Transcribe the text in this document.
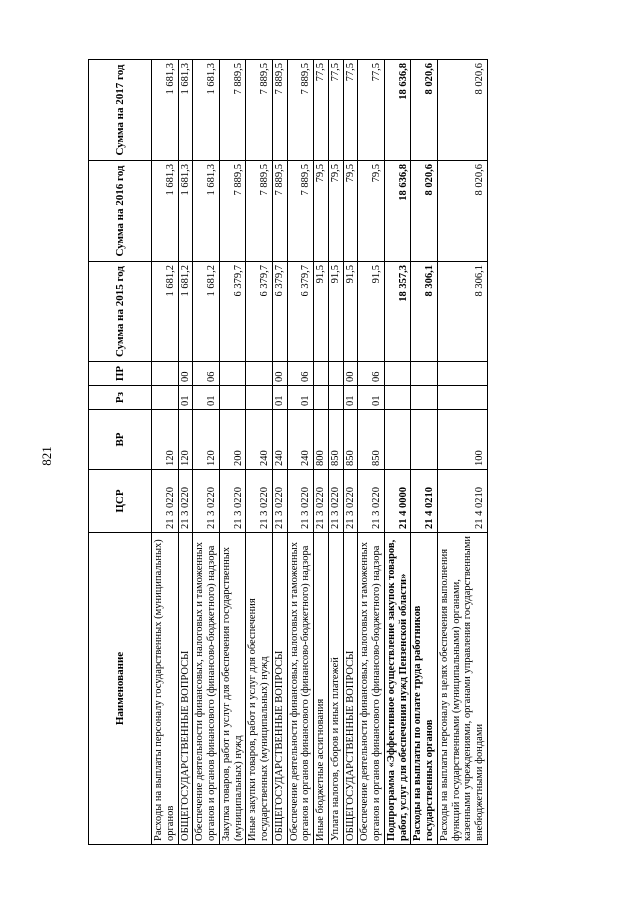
821
Наименование	ЦСР	ВР	Рз	ПР	Сумма на 2015 год	Сумма на 2016 год	Сумма на 2017 год
Расходы на выплаты персоналу государственных (муниципальных) органов	21 3 0220	120			1 681,2	1 681,3	1 681,3
ОБЩЕГОСУДАРСТВЕННЫЕ ВОПРОСЫ	21 3 0220	120	01	00	1 681,2	1 681,3	1 681,3
Обеспечение деятельности финансовых, налоговых и таможенных органов и органов финансового (финансово-бюджетного) надзора	21 3 0220	120	01	06	1 681,2	1 681,3	1 681,3
Закупка товаров, работ и услуг для обеспечения государственных (муниципальных) нужд	21 3 0220	200			6 379,7	7 889,5	7 889,5
Иные закупки товаров, работ и услуг для обеспечения государственных (муниципальных) нужд	21 3 0220	240			6 379,7	7 889,5	7 889,5
ОБЩЕГОСУДАРСТВЕННЫЕ ВОПРОСЫ	21 3 0220	240	01	00	6 379,7	7 889,5	7 889,5
Обеспечение деятельности финансовых, налоговых и таможенных органов и органов финансового (финансово-бюджетного) надзора	21 3 0220	240	01	06	6 379,7	7 889,5	7 889,5
Иные бюджетные ассигнования	21 3 0220	800			91,5	79,5	77,5
Уплата налогов, сборов и иных платежей	21 3 0220	850			91,5	79,5	77,5
ОБЩЕГОСУДАРСТВЕННЫЕ ВОПРОСЫ	21 3 0220	850	01	00	91,5	79,5	77,5
Обеспечение деятельности финансовых, налоговых и таможенных органов и органов финансового (финансово-бюджетного) надзора	21 3 0220	850	01	06	91,5	79,5	77,5
Подпрограмма «Эффективное осуществление закупок товаров, работ, услуг для обеспечения нужд Пензенской области»	21 4 0000				18 357,3	18 636,8	18 636,8
Расходы на выплаты по оплате труда работников государственных органов	21 4 0210				8 306,1	8 020,6	8 020,6
Расходы на выплаты персоналу в целях обеспечения выполнения функций государственными (муниципальными) органами, казенными учреждениями, органами управления государственными внебюджетными фондами	21 4 0210	100			8 306,1	8 020,6	8 020,6
